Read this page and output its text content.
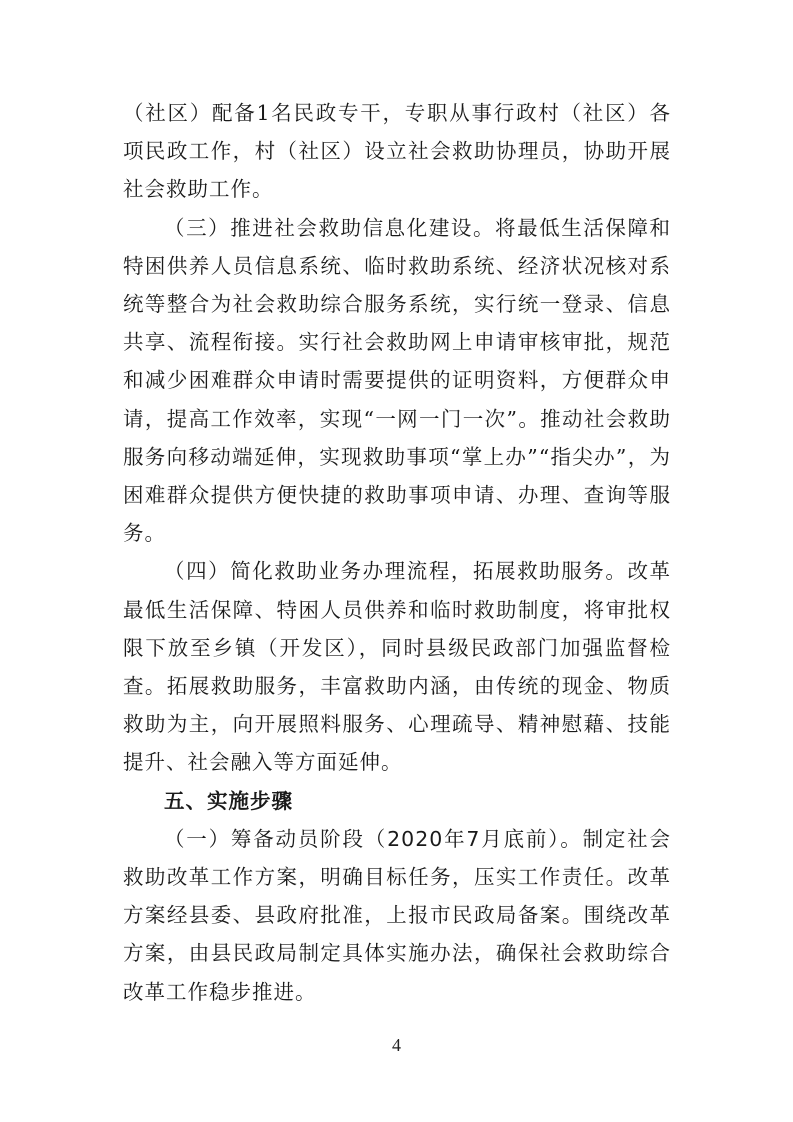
（社区）配备1名民政专干，专职从事行政村（社区）各项民政工作，村（社区）设立社会救助协理员，协助开展社会救助工作。

（三）推进社会救助信息化建设。将最低生活保障和特困供养人员信息系统、临时救助系统、经济状况核对系统等整合为社会救助综合服务系统，实行统一登录、信息共享、流程衔接。实行社会救助网上申请审核审批，规范和减少困难群众申请时需要提供的证明资料，方便群众申请，提高工作效率，实现“一网一门一次”。推动社会救助服务向移动端延伸，实现救助事项“掌上办”“指尖办”，为困难群众提供方便快捷的救助事项申请、办理、查询等服务。

（四）简化救助业务办理流程，拓展救助服务。改革最低生活保障、特困人员供养和临时救助制度，将审批权限下放至乡镇（开发区），同时县级民政部门加强监督检查。拓展救助服务，丰富救助内涵，由传统的现金、物质救助为主，向开展照料服务、心理疏导、精神慰藉、技能提升、社会融入等方面延伸。

五、实施步骤

（一）筹备动员阶段（2020年7月底前）。制定社会救助改革工作方案，明确目标任务，压实工作责任。改革方案经县委、县政府批准，上报市民政局备案。围绕改革方案，由县民政局制定具体实施办法，确保社会救助综合改革工作稳步推进。

4
